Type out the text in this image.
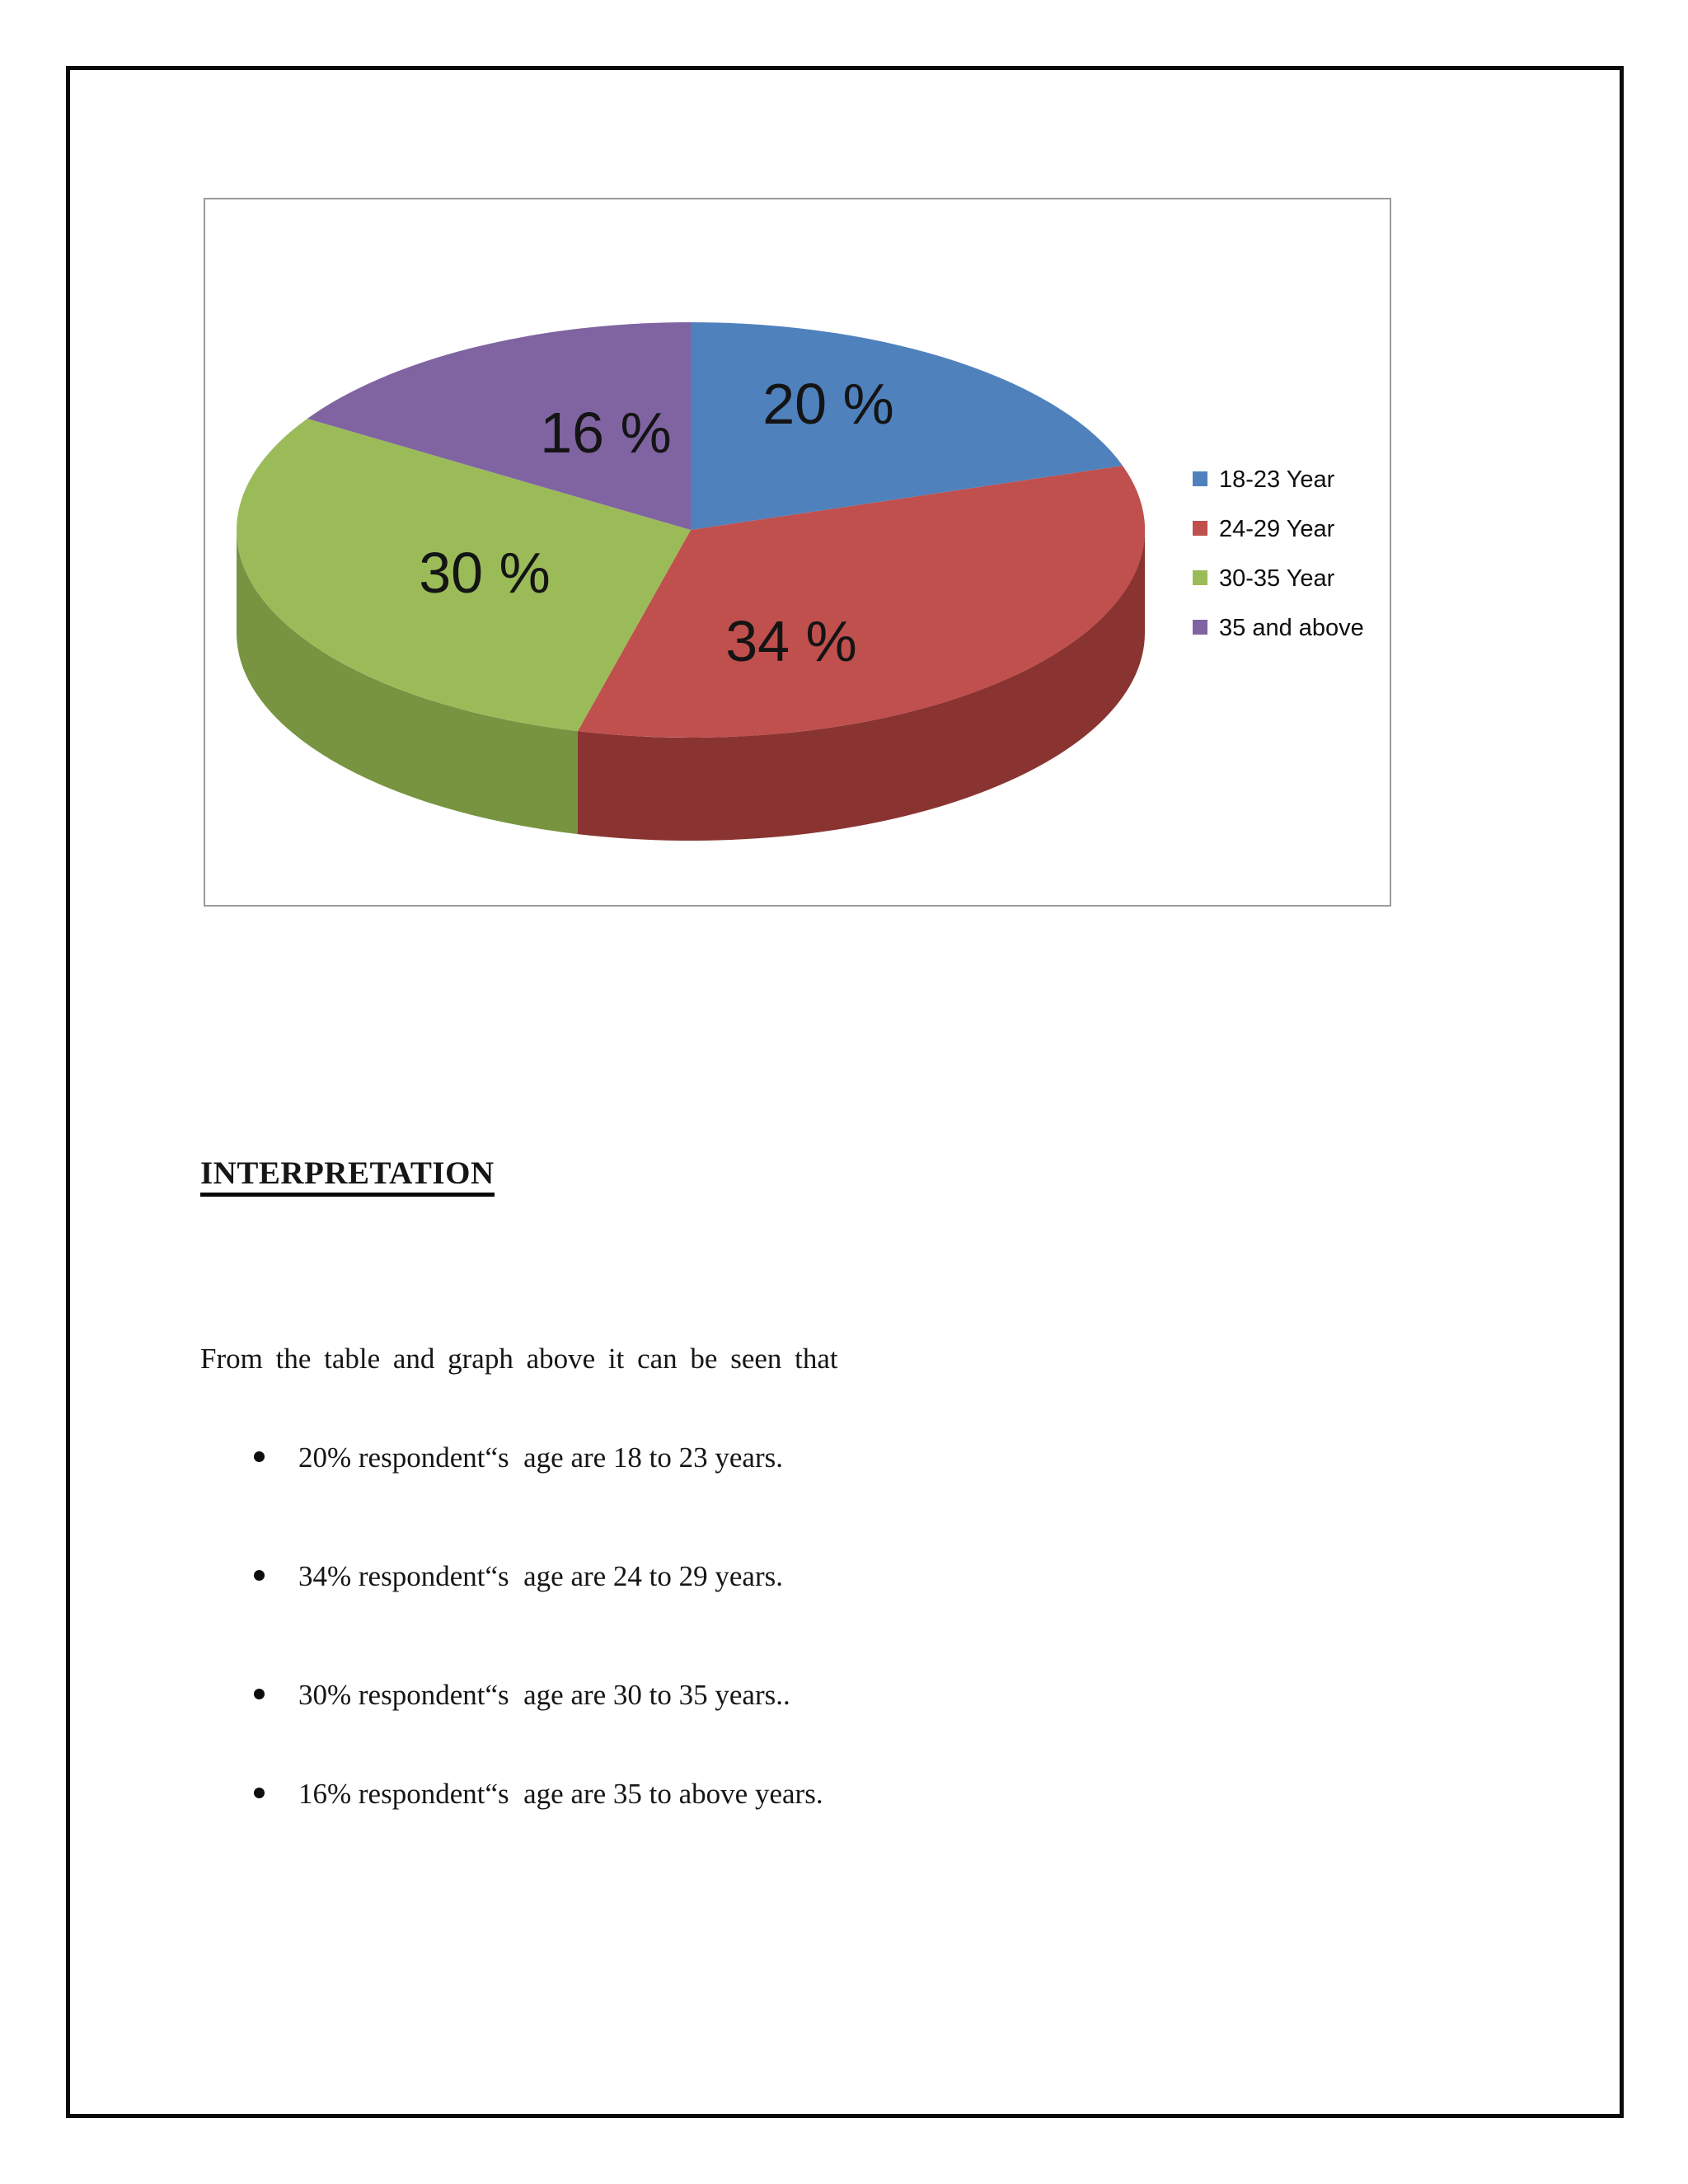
20 %
16 %
30 %
34 %
18-23 Year
24-29 Year
30-35 Year
35 and above
INTERPRETATION

From the table and graph above it can be seen that

20% respondent“s  age are 18 to 23 years.
34% respondent“s  age are 24 to 29 years.
30% respondent“s  age are 30 to 35 years..
16% respondent“s  age are 35 to above years.
